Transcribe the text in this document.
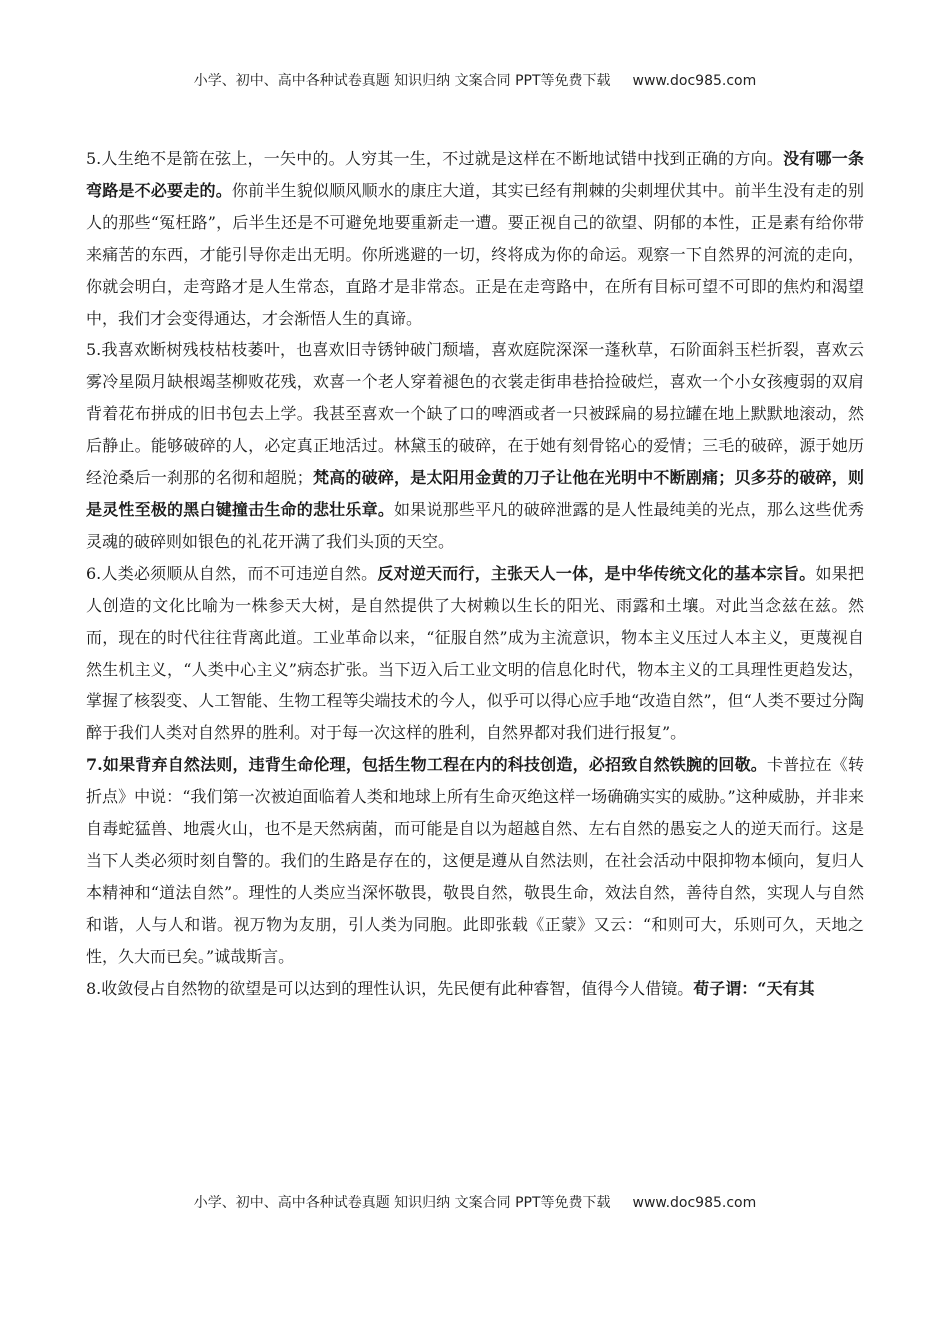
小学、初中、高中各种试卷真题 知识归纳 文案合同 PPT等免费下载 www.doc985.com

5.人生绝不是箭在弦上，一矢中的。人穷其一生，不过就是这样在不断地试错中找到正确的方向。没有哪一条弯路是不必要走的。你前半生貌似顺风顺水的康庄大道，其实已经有荆棘的尖刺埋伏其中。前半生没有走的别人的那些“冤枉路”，后半生还是不可避免地要重新走一遭。要正视自己的欲望、阴郁的本性，正是素有给你带来痛苦的东西，才能引导你走出无明。你所逃避的一切，终将成为你的命运。观察一下自然界的河流的走向，你就会明白，走弯路才是人生常态，直路才是非常态。正是在走弯路中，在所有目标可望不可即的焦灼和渴望中，我们才会变得通达，才会渐悟人生的真谛。

5.我喜欢断树残枝枯枝萎叶，也喜欢旧寺锈钟破门颓墙，喜欢庭院深深一蓬秋草，石阶面斜玉栏折裂，喜欢云雾冷星陨月缺根竭茎柳败花残，欢喜一个老人穿着褪色的衣裳走街串巷拾捡破烂，喜欢一个小女孩瘦弱的双肩背着花布拼成的旧书包去上学。我甚至喜欢一个缺了口的啤酒或者一只被踩扁的易拉罐在地上默默地滚动，然后静止。能够破碎的人，必定真正地活过。林黛玉的破碎，在于她有刻骨铭心的爱情；三毛的破碎，源于她历经沧桑后一刹那的名彻和超脱；梵高的破碎，是太阳用金黄的刀子让他在光明中不断剧痛；贝多芬的破碎，则是灵性至极的黑白键撞击生命的悲壮乐章。如果说那些平凡的破碎泄露的是人性最纯美的光点，那么这些优秀灵魂的破碎则如银色的礼花开满了我们头顶的天空。

6.人类必须顺从自然，而不可违逆自然。反对逆天而行，主张天人一体，是中华传统文化的基本宗旨。如果把人创造的文化比喻为一株参天大树，是自然提供了大树赖以生长的阳光、雨露和土壤。对此当念兹在兹。然而，现在的时代往往背离此道。工业革命以来，“征服自然”成为主流意识，物本主义压过人本主义，更蔑视自然生机主义，“人类中心主义”病态扩张。当下迈入后工业文明的信息化时代，物本主义的工具理性更趋发达，掌握了核裂变、人工智能、生物工程等尖端技术的今人，似乎可以得心应手地“改造自然”，但“人类不要过分陶醉于我们人类对自然界的胜利。对于每一次这样的胜利，自然界都对我们进行报复”。

7.如果背弃自然法则，违背生命伦理，包括生物工程在内的科技创造，必招致自然铁腕的回敬。卡普拉在《转折点》中说：“我们第一次被迫面临着人类和地球上所有生命灭绝这样一场确确实实的威胁。”这种威胁，并非来自毒蛇猛兽、地震火山，也不是天然病菌，而可能是自以为超越自然、左右自然的愚妄之人的逆天而行。这是当下人类必须时刻自警的。我们的生路是存在的，这便是遵从自然法则，在社会活动中限抑物本倾向，复归人本精神和“道法自然”。理性的人类应当深怀敬畏，敬畏自然，敬畏生命，效法自然，善待自然，实现人与自然和谐，人与人和谐。视万物为友朋，引人类为同胞。此即张载《正蒙》又云：“和则可大，乐则可久，天地之性，久大而已矣。”诚哉斯言。

8.收敛侵占自然物的欲望是可以达到的理性认识，先民便有此种睿智，值得今人借镜。荀子谓：“天有其

小学、初中、高中各种试卷真题 知识归纳 文案合同 PPT等免费下载 www.doc985.com
